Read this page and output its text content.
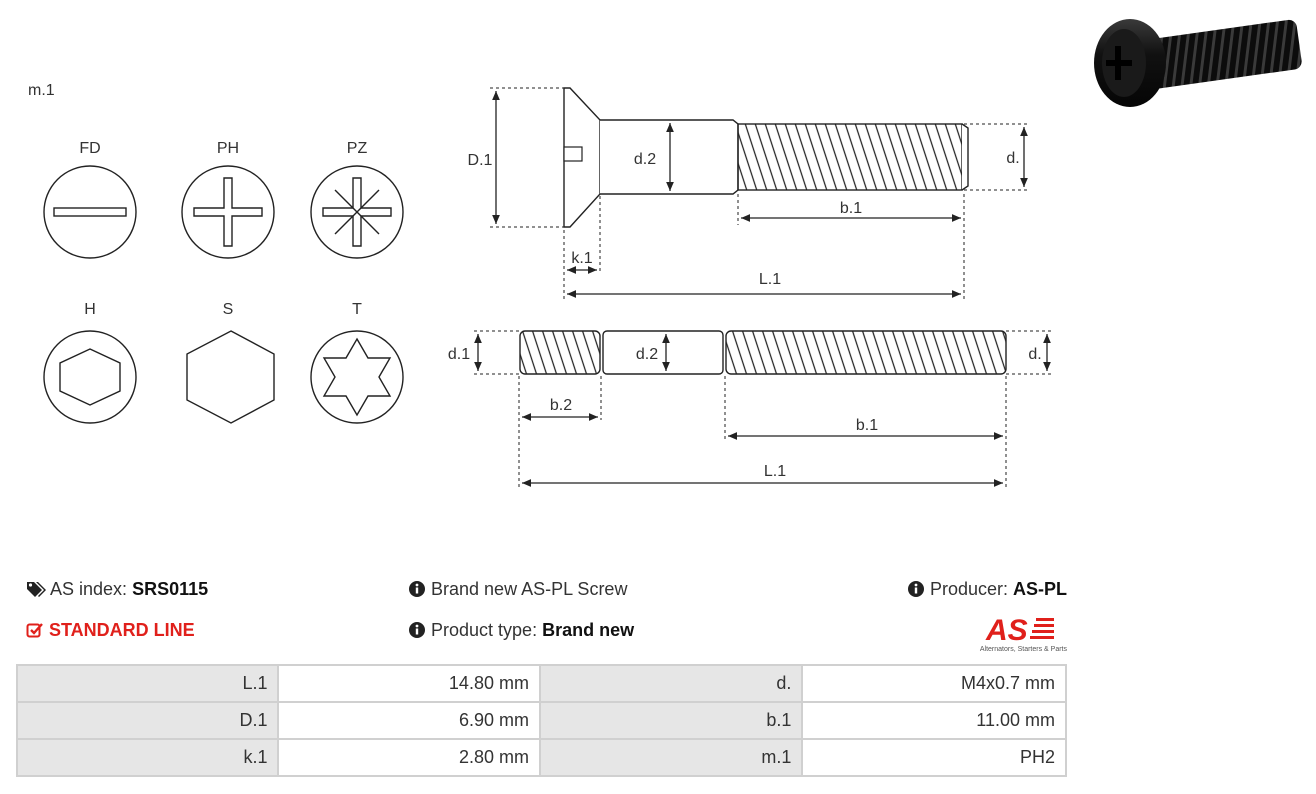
m.1
FD	PH	PZ
H	S	T
D.1	d.2	d.
b.1
k.1
L.1
d.1	d.2	d.
b.2
b.1
L.1
AS index: SRS0115
STANDARD LINE
Brand new AS-PL Screw
Product type: Brand new
Producer: AS-PL
AS
Alternators, Starters & Parts
L.1	14.80 mm	d.	M4x0.7 mm
D.1	6.90 mm	b.1	11.00 mm
k.1	2.80 mm	m.1	PH2
